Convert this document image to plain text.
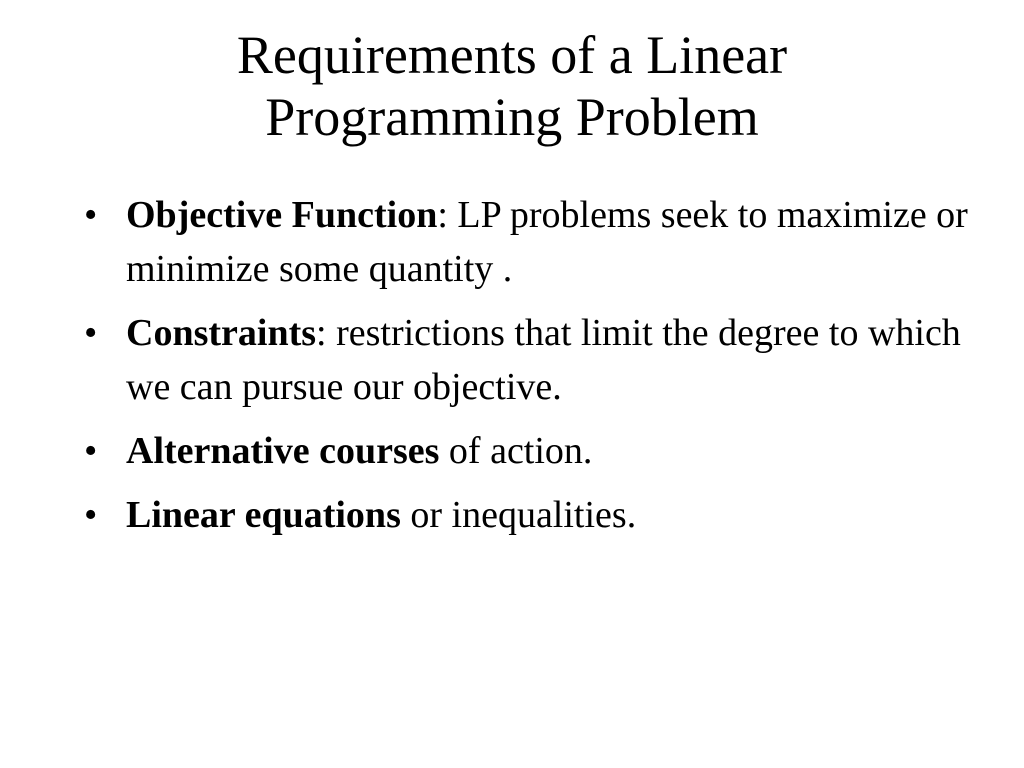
Requirements of a Linear
Programming Problem
• Objective Function: LP problems seek to maximize or minimize some quantity .
• Constraints: restrictions that limit the degree to which we can pursue our objective.
• Alternative courses of action.
• Linear equations or inequalities.
